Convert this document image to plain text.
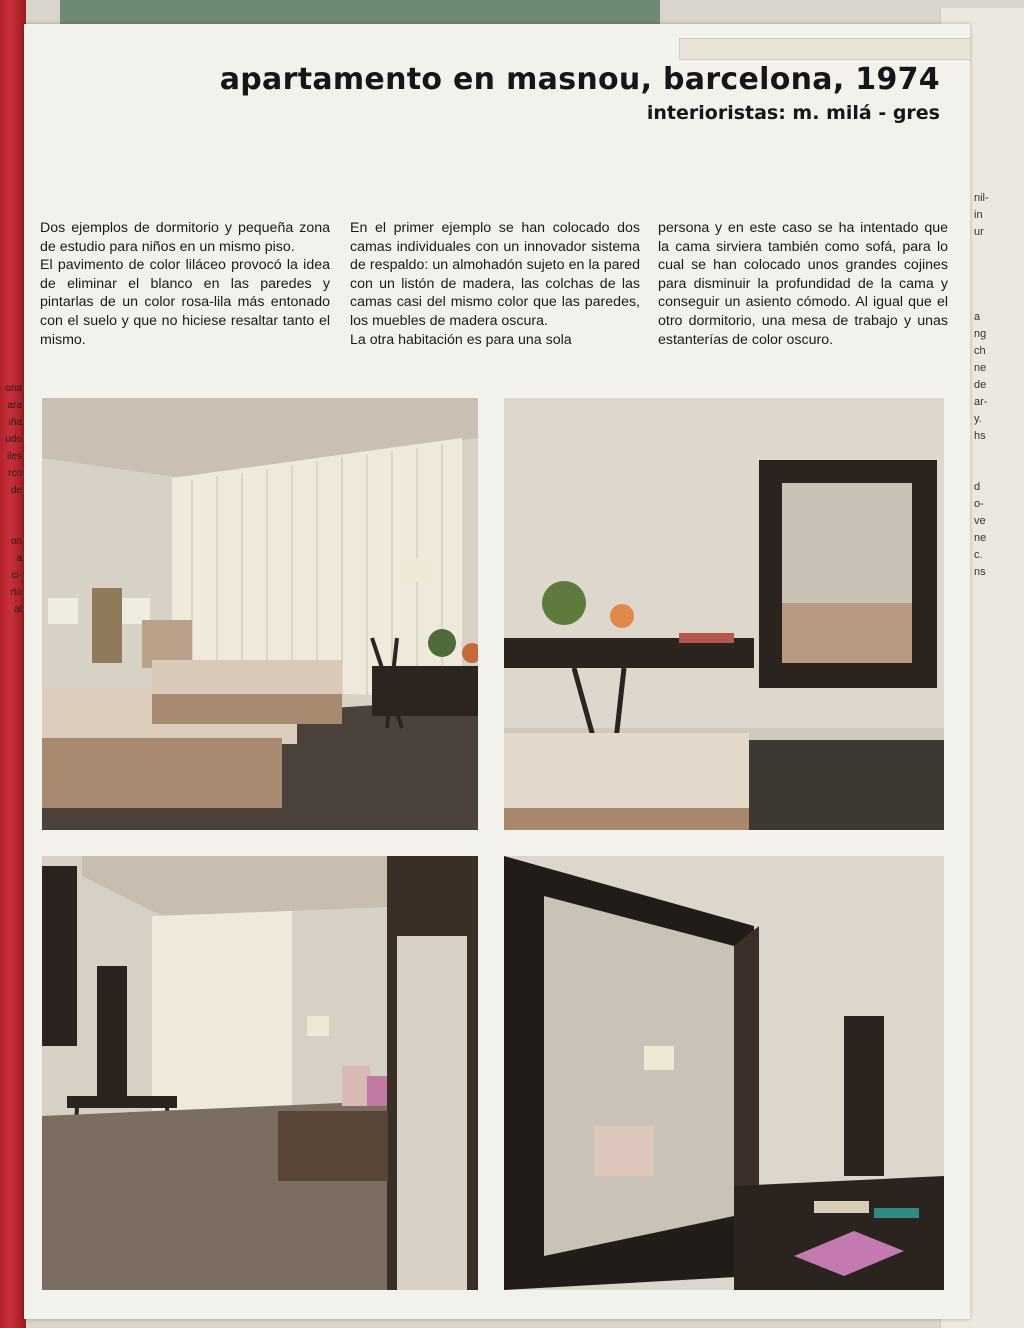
nil-
in
ur

a
ng
ch
ne
de
ar-
y.
hs

d
o-
ve
ne
c.
ns
ona
ara
iña
udo
iles
rco
de

on
a
ci-
rto
al
apartamento en masnou, barcelona, 1974
interioristas: m. milá - gres

Dos ejemplos de dormitorio y pequeña zona de estudio para niños en un mismo piso.

El pavimento de color liláceo provocó la idea de eliminar el blanco en las paredes y pintarlas de un color rosa-lila más entonado con el suelo y que no hiciese resaltar tanto el mismo.

En el primer ejemplo se han colocado dos camas individuales con un innovador sistema de respaldo: un almohadón sujeto en la pared con un listón de madera, las colchas de las camas casi del mismo color que las paredes, los muebles de madera oscura.

La otra habitación es para una sola

persona y en este caso se ha intentado que la cama sirviera también como sofá, para lo cual se han colocado unos grandes cojines para disminuir la profundidad de la cama y conseguir un asiento cómodo. Al igual que el otro dormitorio, una mesa de trabajo y unas estanterías de color oscuro.
